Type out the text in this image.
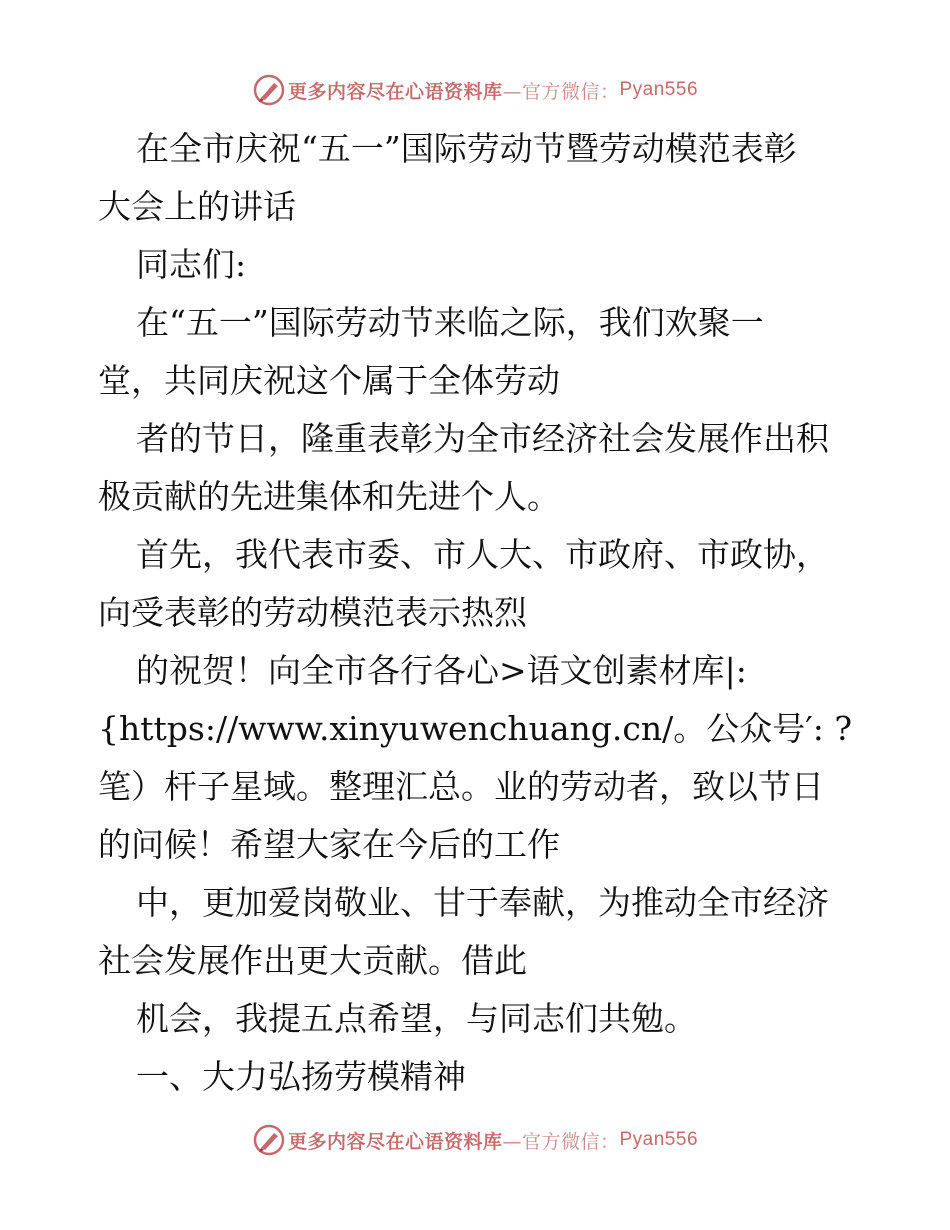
更多内容尽在心语资料库 —官方微信： Pyan556
在全市庆祝“五一”国际劳动节暨劳动模范表彰
大会上的讲话
同志们:
在“五一”国际劳动节来临之际，我们欢聚一
堂，共同庆祝这个属于全体劳动
者的节日，隆重表彰为全市经济社会发展作出积
极贡献的先进集体和先进个人。
首先，我代表市委、市人大、市政府、市政协，
向受表彰的劳动模范表示热烈
的祝贺！向全市各行各心>语文创素材库|:
{https://www.xinyuwenchuang.cn/。公众号′: ?
笔）杆子星域。整理汇总。业的劳动者，致以节日
的问候！希望大家在今后的工作
中，更加爱岗敬业、甘于奉献，为推动全市经济
社会发展作出更大贡献。借此
机会，我提五点希望，与同志们共勉。
一、大力弘扬劳模精神
更多内容尽在心语资料库 —官方微信： Pyan556
